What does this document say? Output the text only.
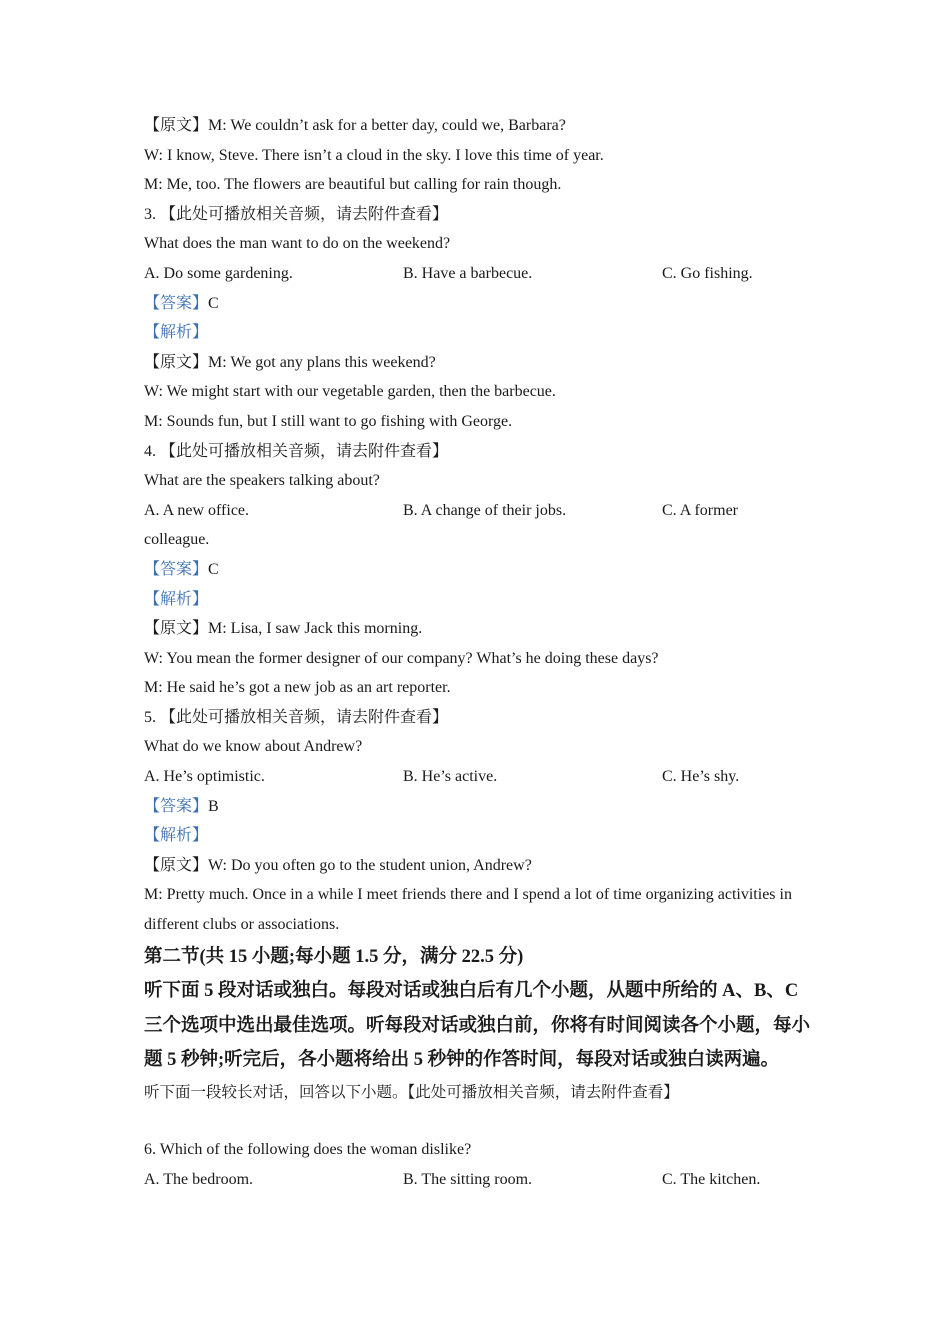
【原文】M: We couldn’t ask for a better day, could we, Barbara?
W: I know, Steve. There isn’t a cloud in the sky. I love this time of year.
M: Me, too. The flowers are beautiful but calling for rain though.
3. 【此处可播放相关音频，请去附件查看】
What does the man want to do on the weekend?
A. Do some gardening.	B. Have a barbecue.	C. Go fishing.
【答案】C
【解析】
【原文】M: We got any plans this weekend?
W: We might start with our vegetable garden, then the barbecue.
M: Sounds fun, but I still want to go fishing with George.
4. 【此处可播放相关音频，请去附件查看】
What are the speakers talking about?
A. A new office.	B. A change of their jobs.	C. A former
colleague.
【答案】C
【解析】
【原文】M: Lisa, I saw Jack this morning.
W: You mean the former designer of our company? What’s he doing these days?
M: He said he’s got a new job as an art reporter.
5. 【此处可播放相关音频，请去附件查看】
What do we know about Andrew?
A. He’s optimistic.	B. He’s active.	C. He’s shy.
【答案】B
【解析】
【原文】W: Do you often go to the student union, Andrew?
M: Pretty much. Once in a while I meet friends there and I spend a lot of time organizing activities in different clubs or associations.
第二节(共 15 小题;每小题 1.5 分，满分 22.5 分)
听下面 5 段对话或独白。每段对话或独白后有几个小题，从题中所给的 A、B、C 三个选项中选出最佳选项。听每段对话或独白前，你将有时间阅读各个小题，每小题 5 秒钟;听完后，各小题将给出 5 秒钟的作答时间，每段对话或独白读两遍。
听下面一段较长对话，回答以下小题。【此处可播放相关音频，请去附件查看】
6. Which of the following does the woman dislike?
A. The bedroom.	B. The sitting room.	C. The kitchen.
